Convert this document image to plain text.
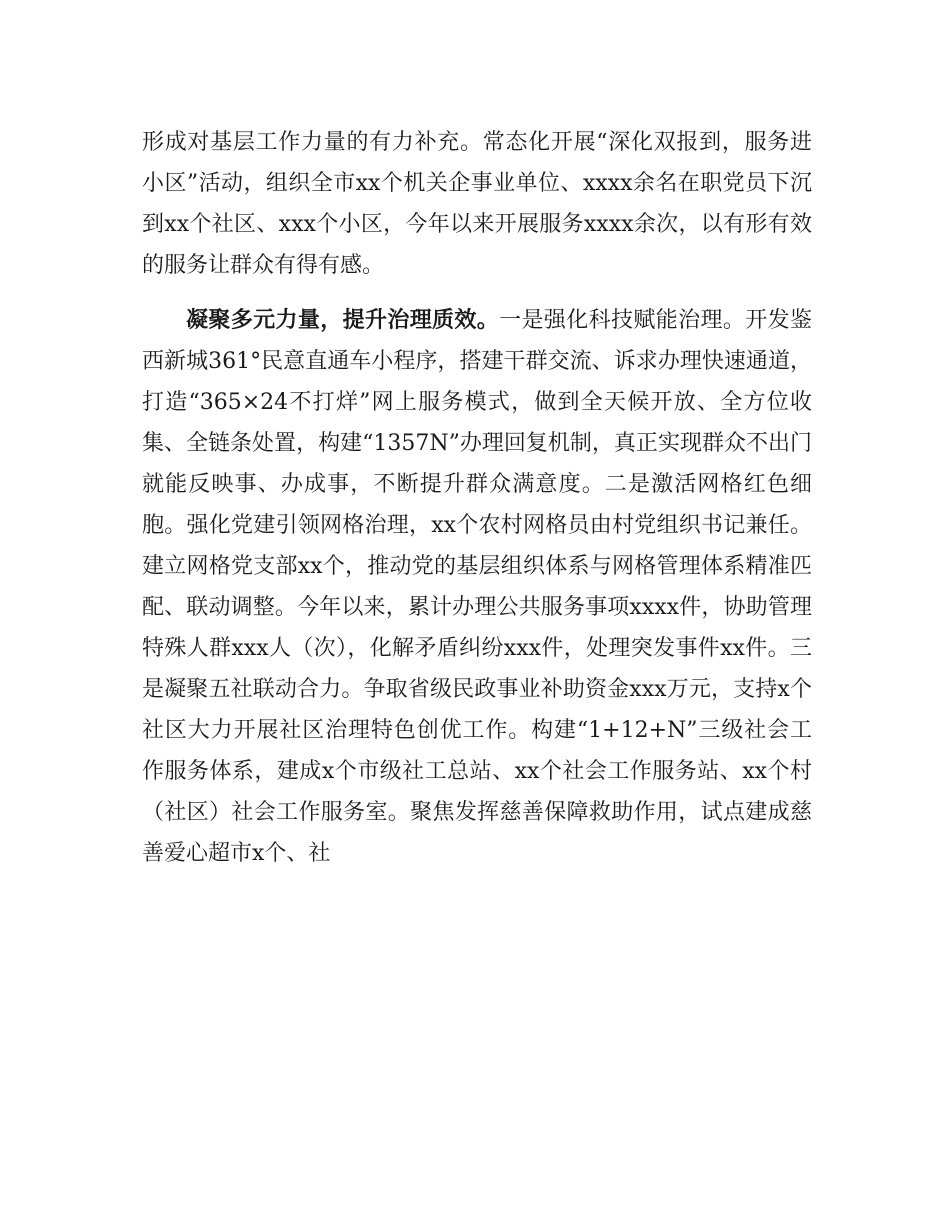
形成对基层工作力量的有力补充。常态化开展“深化双报到，服务进小区”活动，组织全市xx个机关企事业单位、xxxx余名在职党员下沉到xx个社区、xxx个小区，今年以来开展服务xxxx余次，以有形有效的服务让群众有得有感。

凝聚多元力量，提升治理质效。一是强化科技赋能治理。开发鉴西新城361°民意直通车小程序，搭建干群交流、诉求办理快速通道，打造“365×24不打烊”网上服务模式，做到全天候开放、全方位收集、全链条处置，构建“1357N”办理回复机制，真正实现群众不出门就能反映事、办成事，不断提升群众满意度。二是激活网格红色细胞。强化党建引领网格治理，xx个农村网格员由村党组织书记兼任。建立网格党支部xx个，推动党的基层组织体系与网格管理体系精准匹配、联动调整。今年以来，累计办理公共服务事项xxxx件，协助管理特殊人群xxx人（次），化解矛盾纠纷xxx件，处理突发事件xx件。三是凝聚五社联动合力。争取省级民政事业补助资金xxx万元，支持x个社区大力开展社区治理特色创优工作。构建“1+12+N”三级社会工作服务体系，建成x个市级社工总站、xx个社会工作服务站、xx个村（社区）社会工作服务室。聚焦发挥慈善保障救助作用，试点建成慈善爱心超市x个、社
